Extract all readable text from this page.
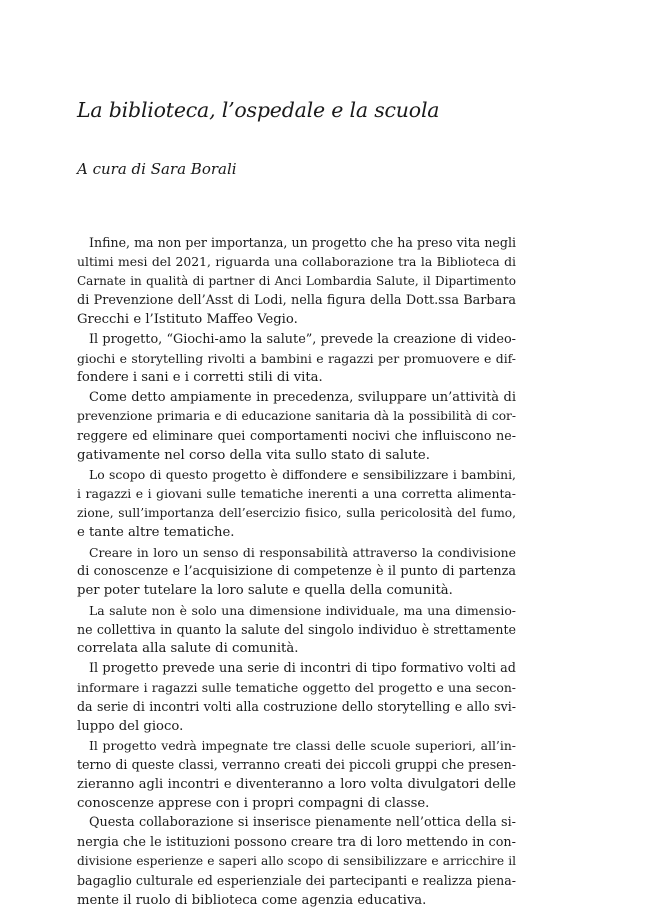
La biblioteca, l’ospedale e la scuola

A cura di Sara Borali

Infine, ma non per importanza, un progetto che ha preso vita negli
ultimi mesi del 2021, riguarda una collaborazione tra la Biblioteca di
Carnate in qualità di partner di Anci Lombardia Salute, il Dipartimento
di Prevenzione dell’Asst di Lodi, nella figura della Dott.ssa Barbara
Grecchi e l’Istituto Maffeo Vegio.
Il progetto, “Giochi-amo la salute”, prevede la creazione di video-
giochi e storytelling rivolti a bambini e ragazzi per promuovere e dif-
fondere i sani e i corretti stili di vita.
Come detto ampiamente in precedenza, sviluppare un’attività di
prevenzione primaria e di educazione sanitaria dà la possibilità di cor-
reggere ed eliminare quei comportamenti nocivi che influiscono ne-
gativamente nel corso della vita sullo stato di salute.
Lo scopo di questo progetto è diffondere e sensibilizzare i bambini,
i ragazzi e i giovani sulle tematiche inerenti a una corretta alimenta-
zione, sull’importanza dell’esercizio fisico, sulla pericolosità del fumo,
e tante altre tematiche.
Creare in loro un senso di responsabilità attraverso la condivisione
di conoscenze e l’acquisizione di competenze è il punto di partenza
per poter tutelare la loro salute e quella della comunità.
La salute non è solo una dimensione individuale, ma una dimensio-
ne collettiva in quanto la salute del singolo individuo è strettamente
correlata alla salute di comunità.
Il progetto prevede una serie di incontri di tipo formativo volti ad
informare i ragazzi sulle tematiche oggetto del progetto e una secon-
da serie di incontri volti alla costruzione dello storytelling e allo svi-
luppo del gioco.
Il progetto vedrà impegnate tre classi delle scuole superiori, all’in-
terno di queste classi, verranno creati dei piccoli gruppi che presen-
zieranno agli incontri e diventeranno a loro volta divulgatori delle
conoscenze apprese con i propri compagni di classe.
Questa collaborazione si inserisce pienamente nell’ottica della si-
nergia che le istituzioni possono creare tra di loro mettendo in con-
divisione esperienze e saperi allo scopo di sensibilizzare e arricchire il
bagaglio culturale ed esperienziale dei partecipanti e realizza piena-
mente il ruolo di biblioteca come agenzia educativa.
